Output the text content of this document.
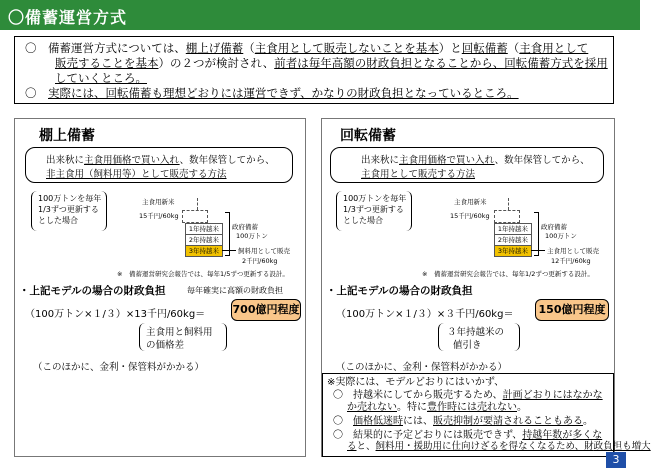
〇備蓄運営方式

〇　備蓄運営方式については、棚上げ備蓄（主食用として販売しないことを基本）と回転備蓄（主食用として

販売することを基本）の２つが検討され、前者は毎年高額の財政負担となることから、回転備蓄方式を採用

していくところ。

〇　実際には、回転備蓄も理想どおりには運営できず、かなりの財政負担となっているところ。

棚上備蓄
出来秋に主食用価格で買い入れ、数年保管してから、
非主食用（飼料用等）として販売する方法
100万トンを毎年
1/3ずつ更新する
とした場合
主食用新米
15千円/60kg
1年持越米
2年持越米
3年持越米
政府備蓄
100万トン
飼料用として販売
2千円/60kg
※　備蓄運営研究会報告では、毎年1/5ずつ更新する設計。
・上記モデルの場合の財政負担	毎年確実に高額の財政負担
（100万トン×１/３）×13千円/60kg＝ 700億円程度
主食用と飼料用
の価格差
（このほかに、金利・保管料がかかる）
回転備蓄
出来秋に主食用価格で買い入れ、数年保管してから、
主食用として販売する方法
100万トンを毎年
1/3ずつ更新する
とした場合
主食用新米
15千円/60kg
1年持越米
2年持越米
3年持越米
政府備蓄
100万トン
主食用として販売
12千円/60kg
※　備蓄運営研究会報告では、毎年1/2ずつ更新する設計。
・上記モデルの場合の財政負担
（100万トン×１/３）×３千円/60kg＝	150億円程度
３年持越米の
値引き
（このほかに、金利・保管料がかかる）
※実際には、モデルどおりにはいかず、
〇　持越米にしてから販売するため、計画どおりにはなかな
か売れない。特に豊作時には売れない。
〇　価格低迷時には、販売抑制が要請されることもある。
〇　結果的に予定どおりには販売できず、持越年数が多くな
ると、飼料用・援助用に仕向けざるを得なくなるため、財政負担も増大
3
